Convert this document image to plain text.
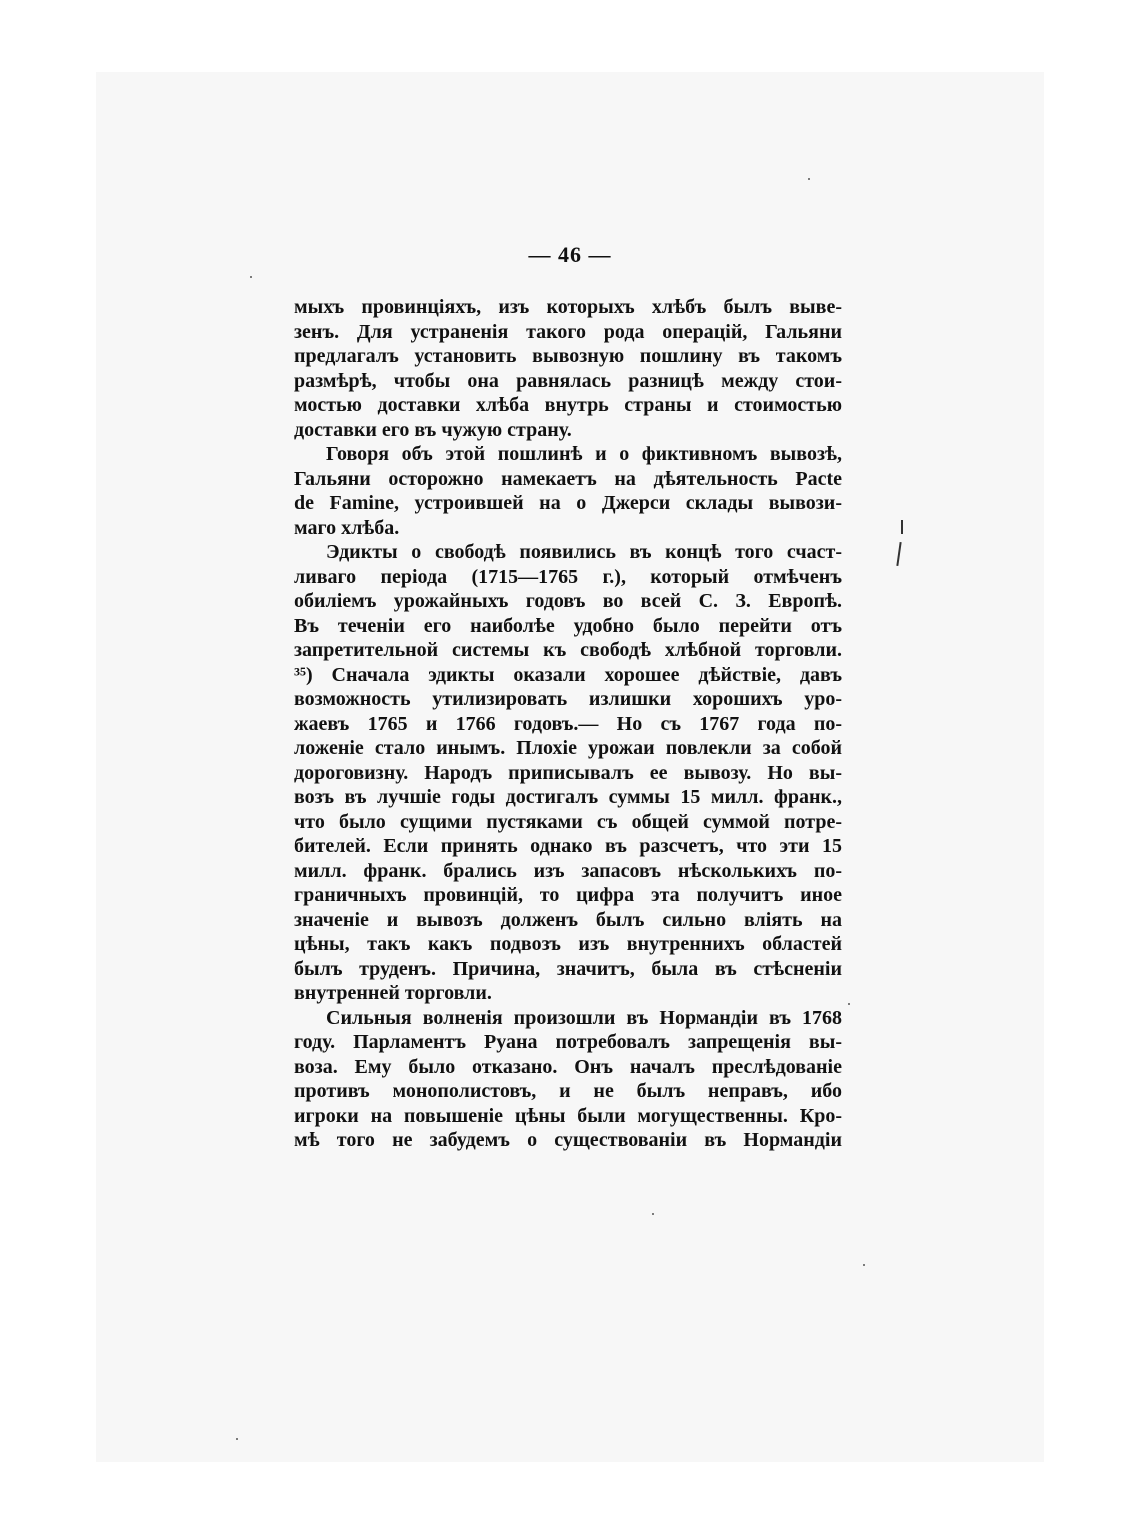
— 46 —
мыхъ провинціяхъ, изъ которыхъ хлѣбъ былъ вывe-
зенъ. Для устраненія такого рода операцій, Гальяни
предлагалъ установить вывозную пошлину въ такомъ
размѣрѣ, чтобы она равнялась разницѣ между стои-
мостью доставки хлѣба внутрь страны и стоимостью
доставки его въ чужую страну.
Говоря объ этой пошлинѣ и о фиктивномъ вывозѣ,
Гальяни осторожно намекаетъ на дѣятельность Pacte
de Famine, устроившей на о Джерси склады вывози-
маго хлѣба.
Эдикты о свободѣ появились въ концѣ того счаст-
ливаго періода (1715—1765 г.), который отмѣченъ
обиліемъ урожайныхъ годовъ во всей С. З. Европѣ.
Въ теченіи его наиболѣе удобно было перейти отъ
запретительной системы къ свободѣ хлѣбной торговли.
³⁵) Сначала эдикты оказали хорошее дѣйствіе, давъ
возможность утилизировать излишки хорошихъ уро-
жаевъ 1765 и 1766 годовъ.— Но съ 1767 года по-
ложеніе стало инымъ. Плохіе урожаи повлекли за собой
дороговизну. Народъ приписывалъ ее вывозу. Но вы-
возъ въ лучшіе годы достигалъ суммы 15 милл. франк.,
что было сущими пустяками съ общей суммой потре-
бителей. Если принять однако въ разсчетъ, что эти 15
милл. франк. брались изъ запасовъ нѣсколькихъ по-
граничныхъ провинцій, то цифра эта получитъ иное
значеніе и вывозъ долженъ былъ сильно вліять на
цѣны, такъ какъ подвозъ изъ внутреннихъ областей
былъ труденъ. Причина, значитъ, была въ стѣсненіи
внутренней торговли.
Сильныя волненія произошли въ Нормандіи въ 1768
году. Парламентъ Руана потребовалъ запрещенія вы-
воза. Ему было отказано. Онъ началъ преслѣдованіе
противъ монополистовъ, и не былъ неправъ, ибо
игроки на повышеніе цѣны были могущественны. Кро-
мѣ того не забудемъ о существованіи въ Нормандіи
